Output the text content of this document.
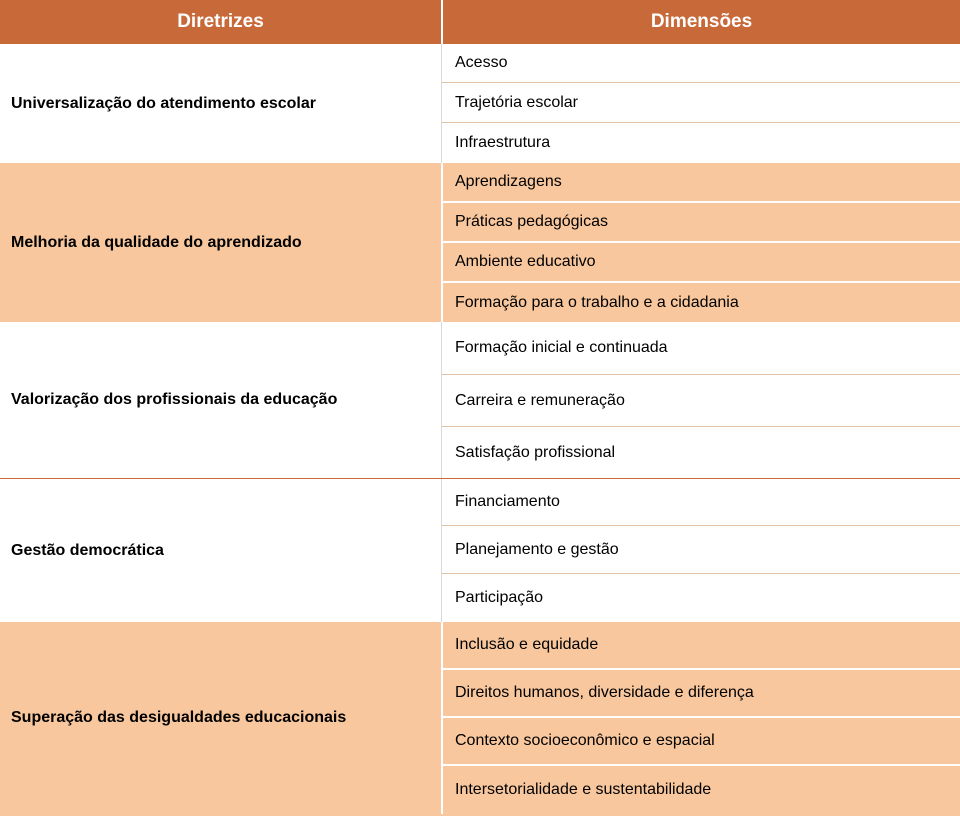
Diretrizes	Dimensões
Universalização do atendimento escolar
Acesso
Trajetória escolar
Infraestrutura
Melhoria da qualidade do aprendizado
Aprendizagens
Práticas pedagógicas
Ambiente educativo
Formação para o trabalho e a cidadania
Valorização dos profissionais da educação
Formação inicial e continuada
Carreira e remuneração
Satisfação profissional
Gestão democrática
Financiamento
Planejamento e gestão
Participação
Superação das desigualdades educacionais
Inclusão e equidade
Direitos humanos, diversidade e diferença
Contexto socioeconômico e espacial
Intersetorialidade e sustentabilidade
